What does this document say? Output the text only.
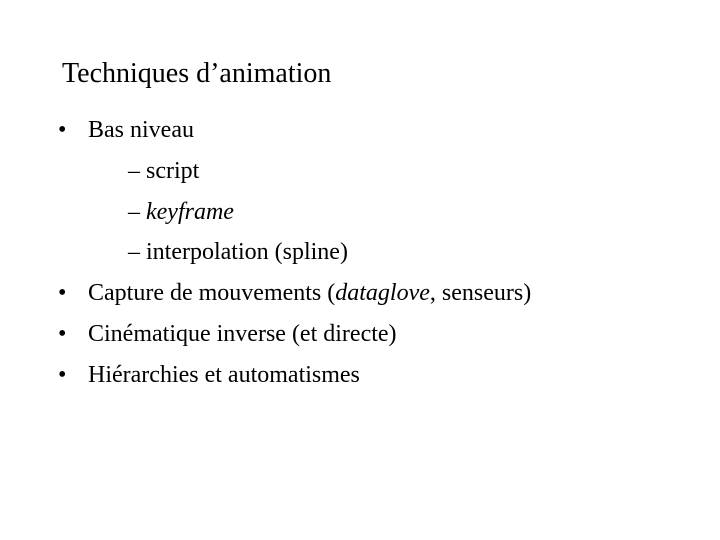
Techniques d’animation
• Bas niveau
– script
– keyframe
– interpolation (spline)
• Capture de mouvements (dataglove, senseurs)
• Cinématique inverse (et directe)
• Hiérarchies et automatismes
